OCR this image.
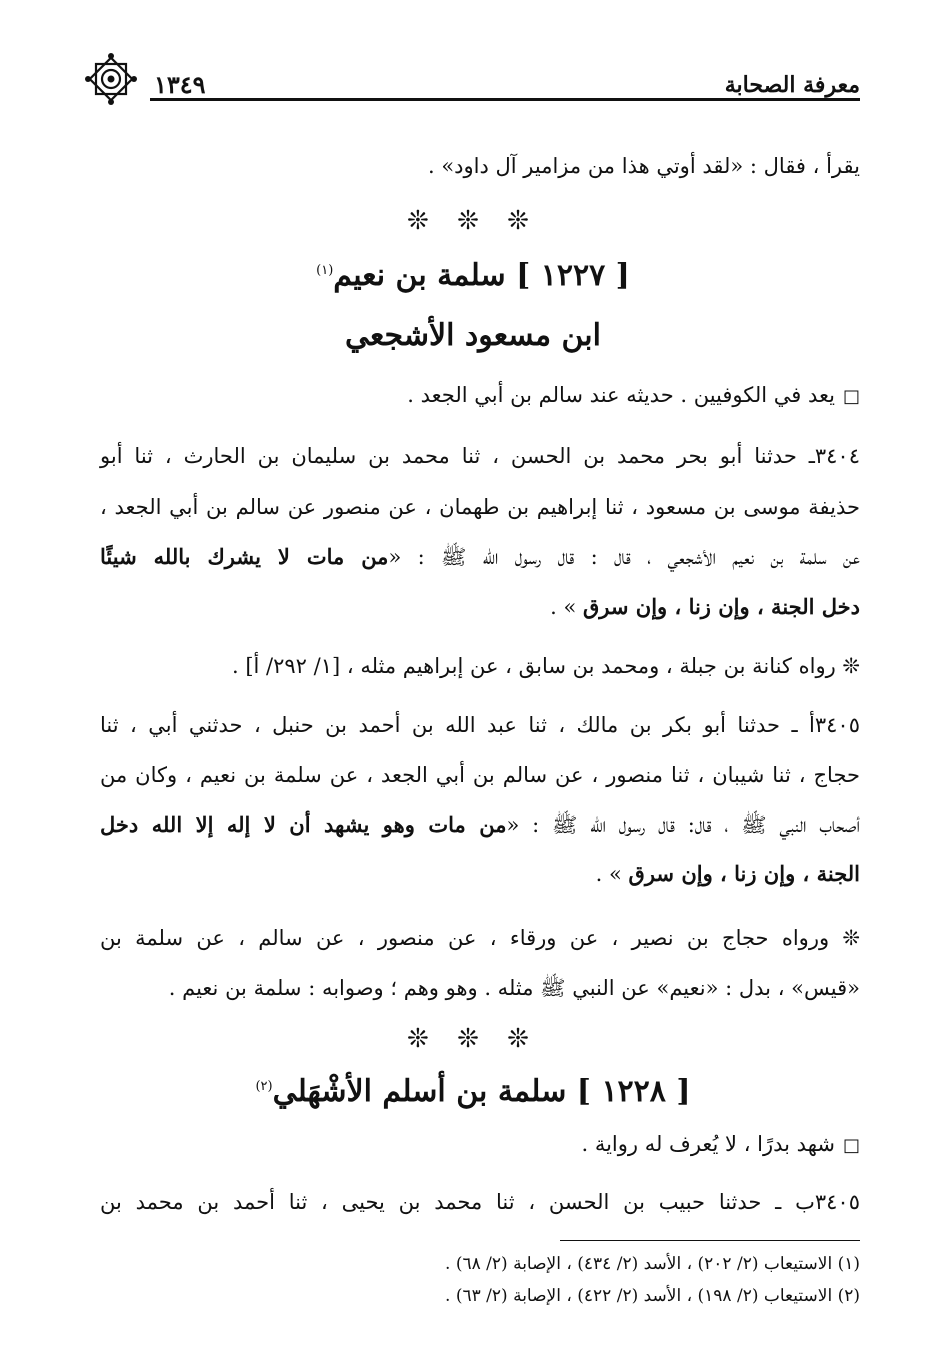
معرفة الصحابة
١٣٤٩
يقرأ ، فقال : «لقد أوتي هذا من مزامير آل داود» .
❊ ❊ ❊
[ ١٢٢٧ ] سلمة بن نعيم$^{(١)}$
ابن مسعود الأشجعي
□يعد في الكوفيين . حديثه عند سالم بن أبي الجعد .
٣٤٠٤ـ حدثنا أبو بحر محمد بن الحسن ، ثنا محمد بن سليمان بن الحارث ، ثنا أبو
حذيفة موسى بن مسعود ، ثنا إبراهيم بن طهمان ، عن منصور عن سالم بن أبي الجعد ،
عن سلمة بن نعيم الأشجعي ، قال : قال رسول الله ﷺ : «من مات لا يشرك بالله شيئًا
دخل الجنة ، وإن زنا ، وإن سرق » .
❊ رواه كنانة بن جبلة ، ومحمد بن سابق ، عن إبراهيم مثله ، [١/ ٢٩٢/ أ] .
٣٤٠٥أ ـ حدثنا أبو بكر بن مالك ، ثنا عبد الله بن أحمد بن حنبل ، حدثني أبي ، ثنا
حجاج ، ثنا شيبان ، ثنا منصور ، عن سالم بن أبي الجعد ، عن سلمة بن نعيم ، وكان من
أصحاب النبي ﷺ ، قال: قال رسول الله ﷺ : «من مات وهو يشهد أن لا إله إلا الله دخل
الجنة ، وإن زنا ، وإن سرق » .
❊ ورواه حجاج بن نصير ، عن ورقاء ، عن منصور ، عن سالم ، عن سلمة بن
«قيس» ، بدل : «نعيم» عن النبي ﷺ مثله . وهو وهم ؛ وصوابه : سلمة بن نعيم .
❊ ❊ ❊
[ ١٢٢٨ ] سلمة بن أسلم الأشْهَلي$^{(٢)}$
□شهد بدرًا ، لا يُعرف له رواية .
٣٤٠٥ب ـ حدثنا حبيب بن الحسن ، ثنا محمد بن يحيى ، ثنا أحمد بن محمد بن
(١) الاستيعاب (٢/ ٢٠٢) ، الأسد (٢/ ٤٣٤) ، الإصابة (٢/ ٦٨) .
(٢) الاستيعاب (٢/ ١٩٨) ، الأسد (٢/ ٤٢٢) ، الإصابة (٢/ ٦٣) .
